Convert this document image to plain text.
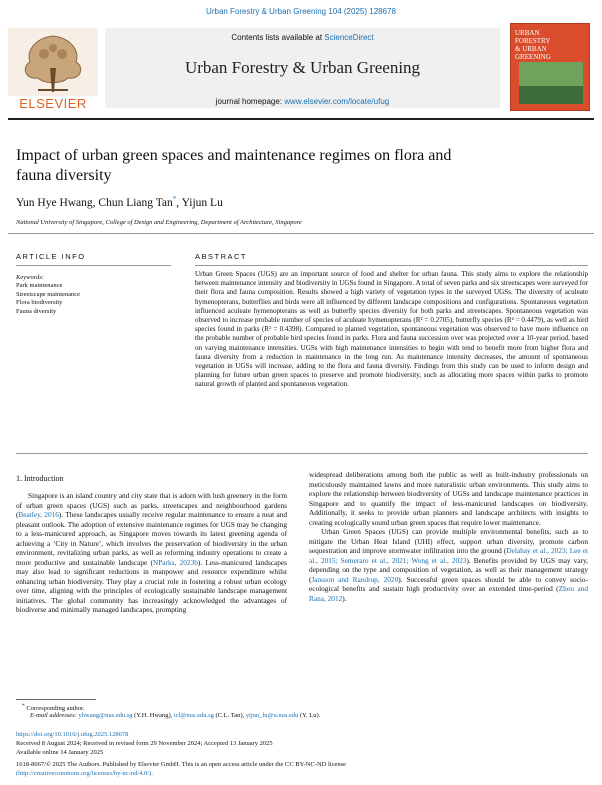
Urban Forestry & Urban Greening 104 (2025) 128678
ELSEVIER
Contents lists available at ScienceDirect
Urban Forestry & Urban Greening
journal homepage: www.elsevier.com/locate/ufug
URBAN
FORESTRY
& URBAN
GREENING
Impact of urban green spaces and maintenance regimes on flora and
fauna diversity
Yun Hye Hwang, Chun Liang Tan*, Yijun Lu
National University of Singapore, College of Design and Engineering, Department of Architecture, Singapore
ARTICLE INFO	ABSTRACT
Keywords:
Park maintenance
Streetscape maintenance
Flora biodiversity
Fauna diversity
Urban Green Spaces (UGS) are an important source of food and shelter for urban fauna. This study aims to explore the relationship between maintenance intensity and biodiversity in UGSs found in Singapore. A total of seven parks and six streetscapes were surveyed for their flora and fauna composition. Results showed a high variety of vegetation types in the surveyed UGSs. The diversity of aculeate hymenopterans, butterflies and birds were all influenced by different landscape compositions and configurations. Spontaneous vegetation influenced aculeate hymenopterans as well as butterfly species diversity for both parks and streetscapes. Spontaneous vegetation was observed to increase probable number of species of aculeate hymenopterans (R² = 0.2705), butterfly species (R² = 0.4479), as well as bird species found in parks (R² = 0.4398). Compared to planted vegetation, spontaneous vegetation was observed to have more influence on the probable number of probable bird species found in parks. Flora and fauna succession over was projected over a 10-year period, based on varying maintenance intensities. UGSs with high maintenance intensities to begin with tend to benefit more from higher flora and fauna diversity from a reduction in maintenance in the long run. As maintenance intensity decreases, the amount of spontaneous vegetation in UGSs will increase, adding to the flora and fauna diversity. Findings from this study can be used to inform design and planning for future urban green spaces to preserve and promote biodiversity, such as allocating more spaces within parks to promote natural growth of planted and spontaneous vegetation.
1. Introduction

Singapore is an island country and city state that is adorn with lush greenery in the form of urban green spaces (UGS) such as parks, streetscapes and neighbourhood gardens (Beatley, 2016). These landscapes usually receive regular maintenance to ensure a neat and pleasant outlook. The adoption of extensive maintenance regimes for UGS may be changing to a less-manicured approach, as Singapore moves towards its latest greening agenda of achieving a ‘City in Nature’, which involves the preservation of biodiversity in the urban environment, revitalizing urban parks, as well as reforming industry operations to create a more productive and sustainable landscape (NParks, 2023b). Less-manicured landscapes may also lead to significant reductions in manpower and resource expenditure whilst enhancing urban biodiversity. They play a crucial role in fostering a robust urban ecology over time, aligning with the principles of ecologically sustainable landscape management initiatives. The global community has increasingly acknowledged the advantages of biodiverse and minimally managed landscapes, prompting

widespread deliberations among both the public as well as built-industry professionals on meticulously maintained lawns and more naturalistic urban environments. This study aims to explore the relationship between biodiversity of UGSs and landscape maintenance practices in Singapore and to quantify the impact of less-manicured landscapes on biodiversity. Additionally, it seeks to provide urban planners and landscape architects with insights to creating ecologically sound urban green spaces that require lower maintenance.

Urban Green Spaces (UGS) can provide multiple environmental benefits, such as to mitigate the Urban Heat Island (UHI) effect, support urban diversity, promote carbon sequestration and improve stormwater infiltration into the ground (Delahay et al., 2023; Lee et al., 2015; Semeraro et al., 2021; Wong et al., 2023). Benefits provided by UGS may vary, depending on the type and composition of vegetation, as well as their management strategy (Jansson and Randrup, 2020). Successful green spaces should be able to convey socio-ecological benefits and sustain high productivity over an extended time-period (Zhou and Rana, 2012).

* Corresponding author.
E-mail addresses: yhwang@nus.edu.sg (Y.H. Hwang), tcl@nus.edu.sg (C.L. Tan), yijun_lu@u.nus.edu (Y. Lu).
https://doi.org/10.1016/j.ufug.2025.128678
Received 8 August 2024; Received in revised form 29 November 2024; Accepted 13 January 2025
Available online 14 January 2025
1618-8667/© 2025 The Authors. Published by Elsevier GmbH. This is an open access article under the CC BY-NC-ND license
(http://creativecommons.org/licenses/by-nc-nd/4.0/).
